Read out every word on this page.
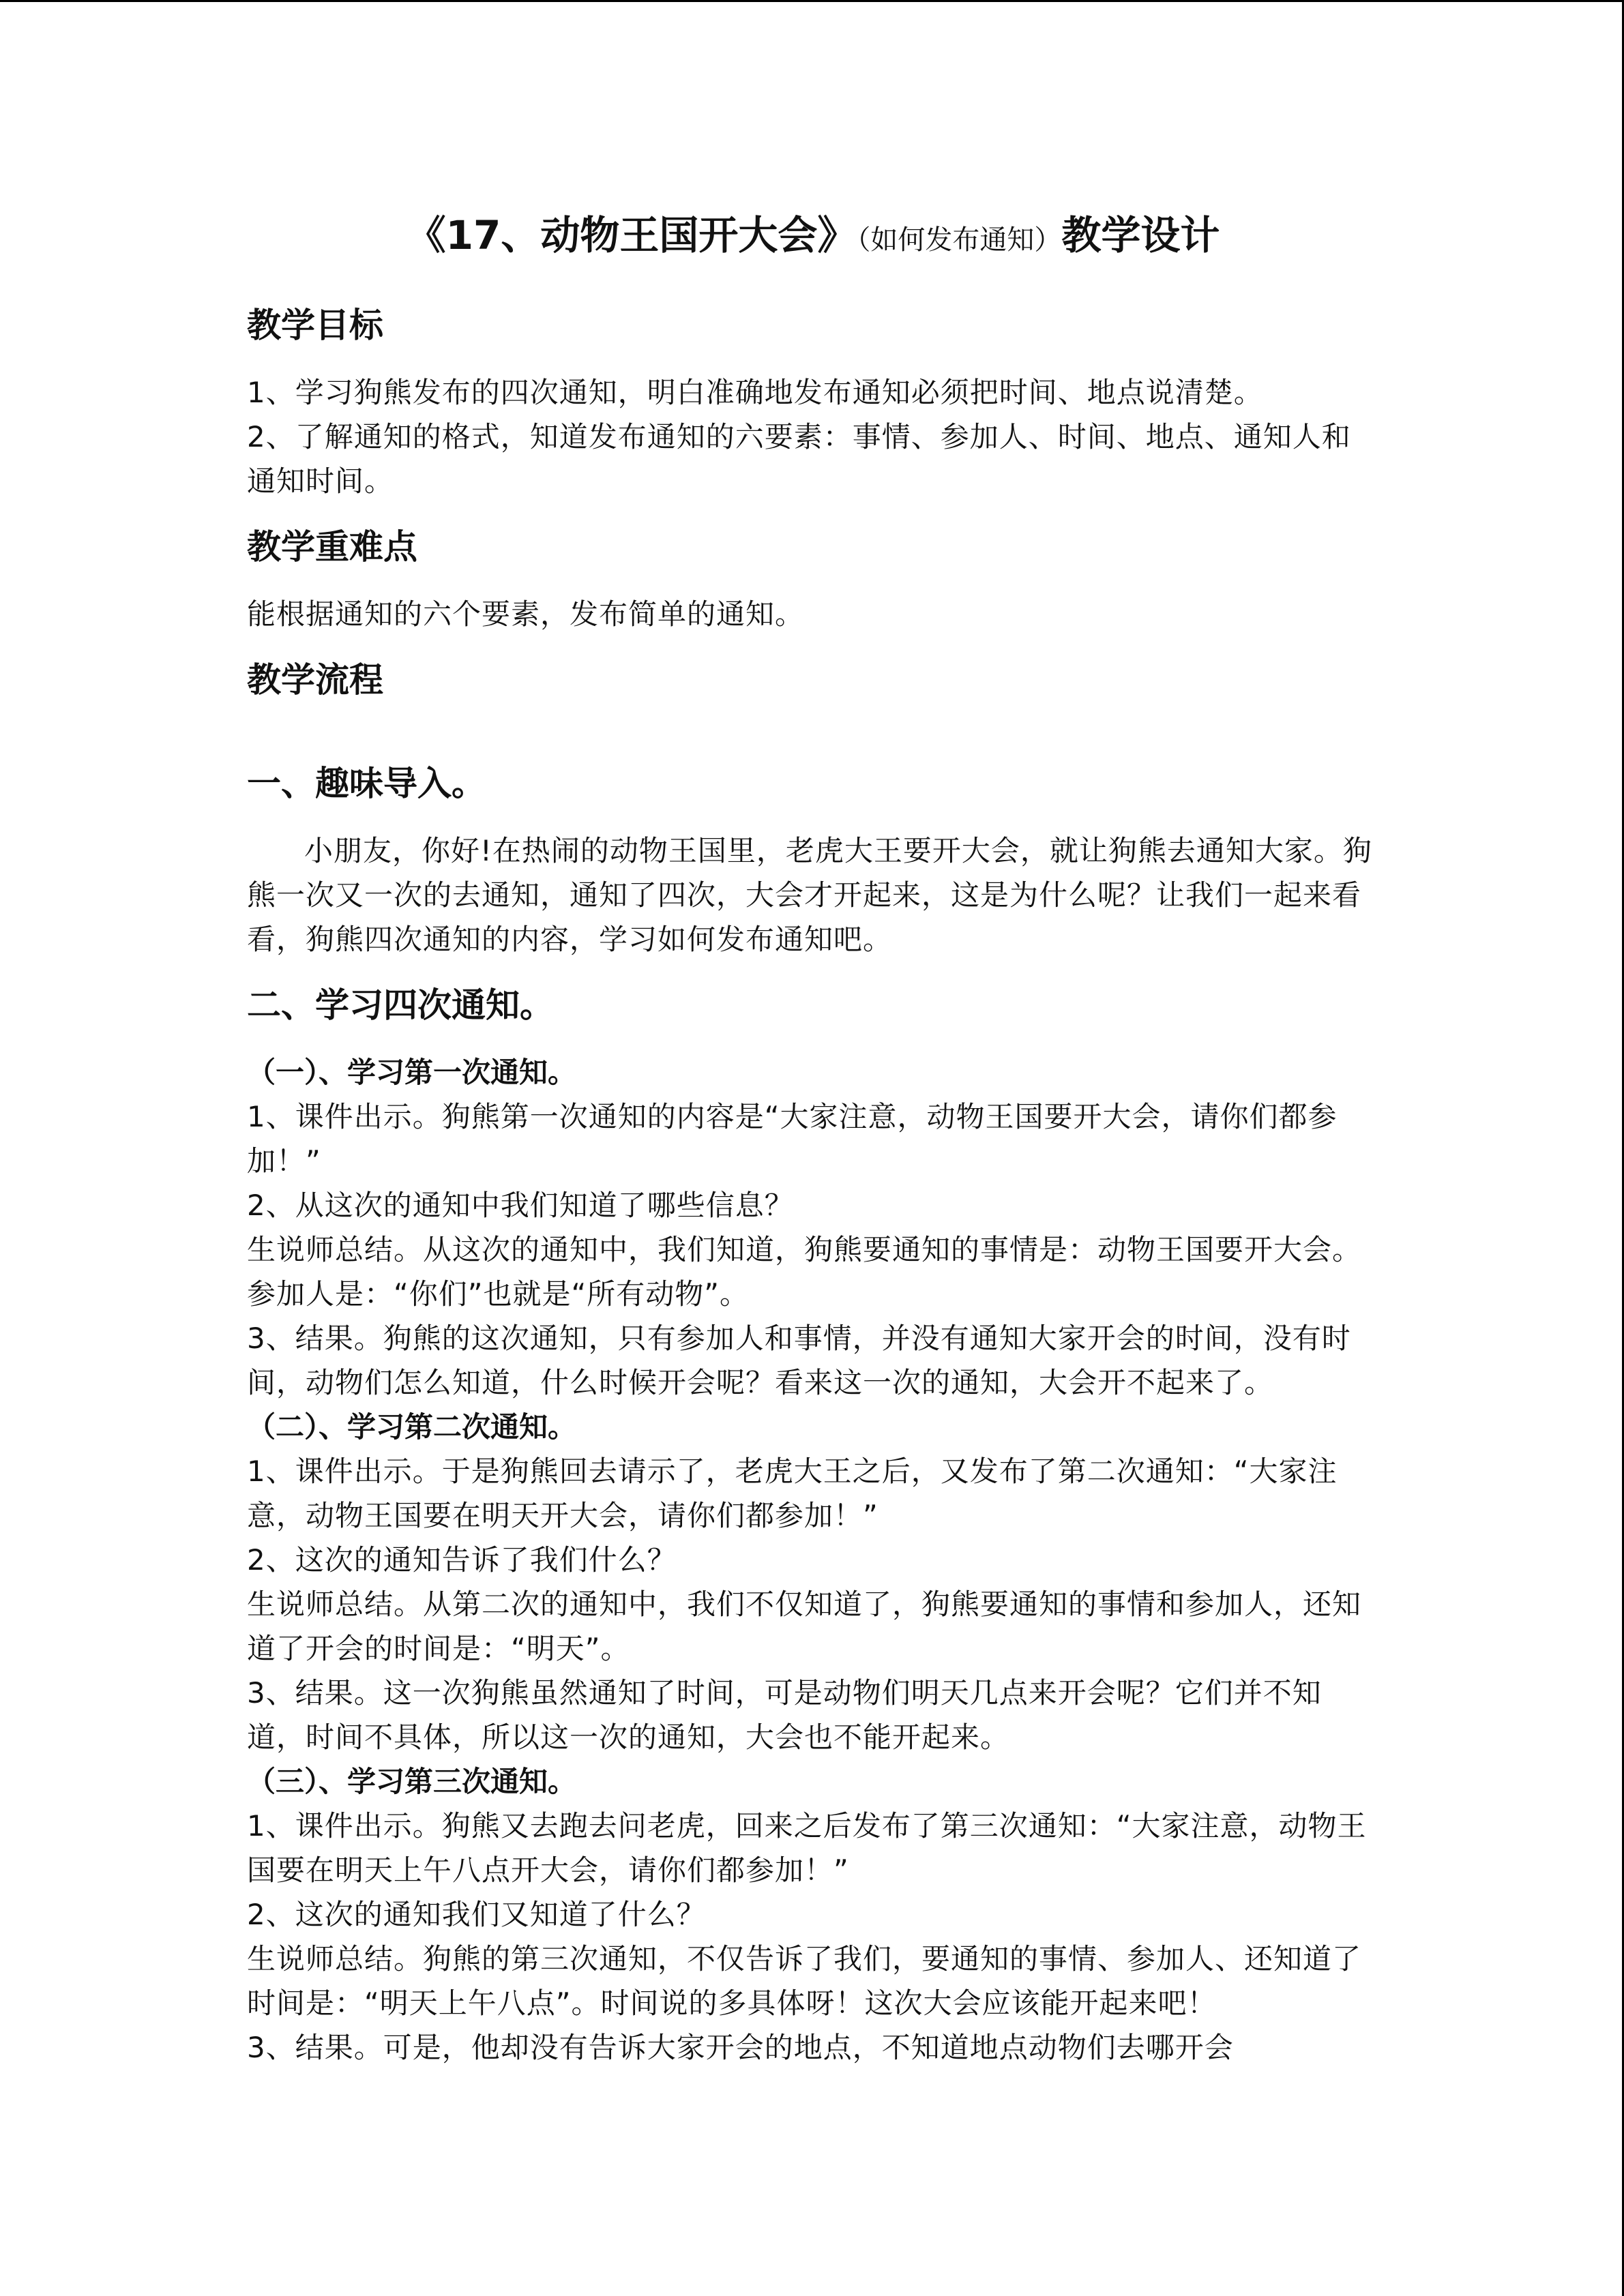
《17、动物王国开大会》（如何发布通知）教学设计
教学目标

1、学习狗熊发布的四次通知，明白准确地发布通知必须把时间、地点说清楚。

2、了解通知的格式，知道发布通知的六要素：事情、参加人、时间、地点、通知人和通知时间。

教学重难点

能根据通知的六个要素，发布简单的通知。

教学流程
一、趣味导入。

小朋友，你好!在热闹的动物王国里，老虎大王要开大会，就让狗熊去通知大家。狗熊一次又一次的去通知，通知了四次，大会才开起来，这是为什么呢？让我们一起来看看，狗熊四次通知的内容，学习如何发布通知吧。

二、学习四次通知。
（一）、学习第一次通知。

1、课件出示。狗熊第一次通知的内容是“大家注意，动物王国要开大会，请你们都参加！”

2、从这次的通知中我们知道了哪些信息？

生说师总结。从这次的通知中，我们知道，狗熊要通知的事情是：动物王国要开大会。参加人是：“你们”也就是“所有动物”。

3、结果。狗熊的这次通知，只有参加人和事情，并没有通知大家开会的时间，没有时间，动物们怎么知道，什么时候开会呢？看来这一次的通知，大会开不起来了。

（二）、学习第二次通知。

1、课件出示。于是狗熊回去请示了，老虎大王之后，又发布了第二次通知：“大家注意，动物王国要在明天开大会，请你们都参加！”

2、这次的通知告诉了我们什么？

生说师总结。从第二次的通知中，我们不仅知道了，狗熊要通知的事情和参加人，还知道了开会的时间是：“明天”。

3、结果。这一次狗熊虽然通知了时间，可是动物们明天几点来开会呢？它们并不知道，时间不具体，所以这一次的通知，大会也不能开起来。

（三）、学习第三次通知。

1、课件出示。狗熊又去跑去问老虎，回来之后发布了第三次通知：“大家注意，动物王国要在明天上午八点开大会，请你们都参加！”

2、这次的通知我们又知道了什么？

生说师总结。狗熊的第三次通知，不仅告诉了我们，要通知的事情、参加人、还知道了时间是：“明天上午八点”。时间说的多具体呀！这次大会应该能开起来吧！

3、结果。可是，他却没有告诉大家开会的地点，不知道地点动物们去哪开会
